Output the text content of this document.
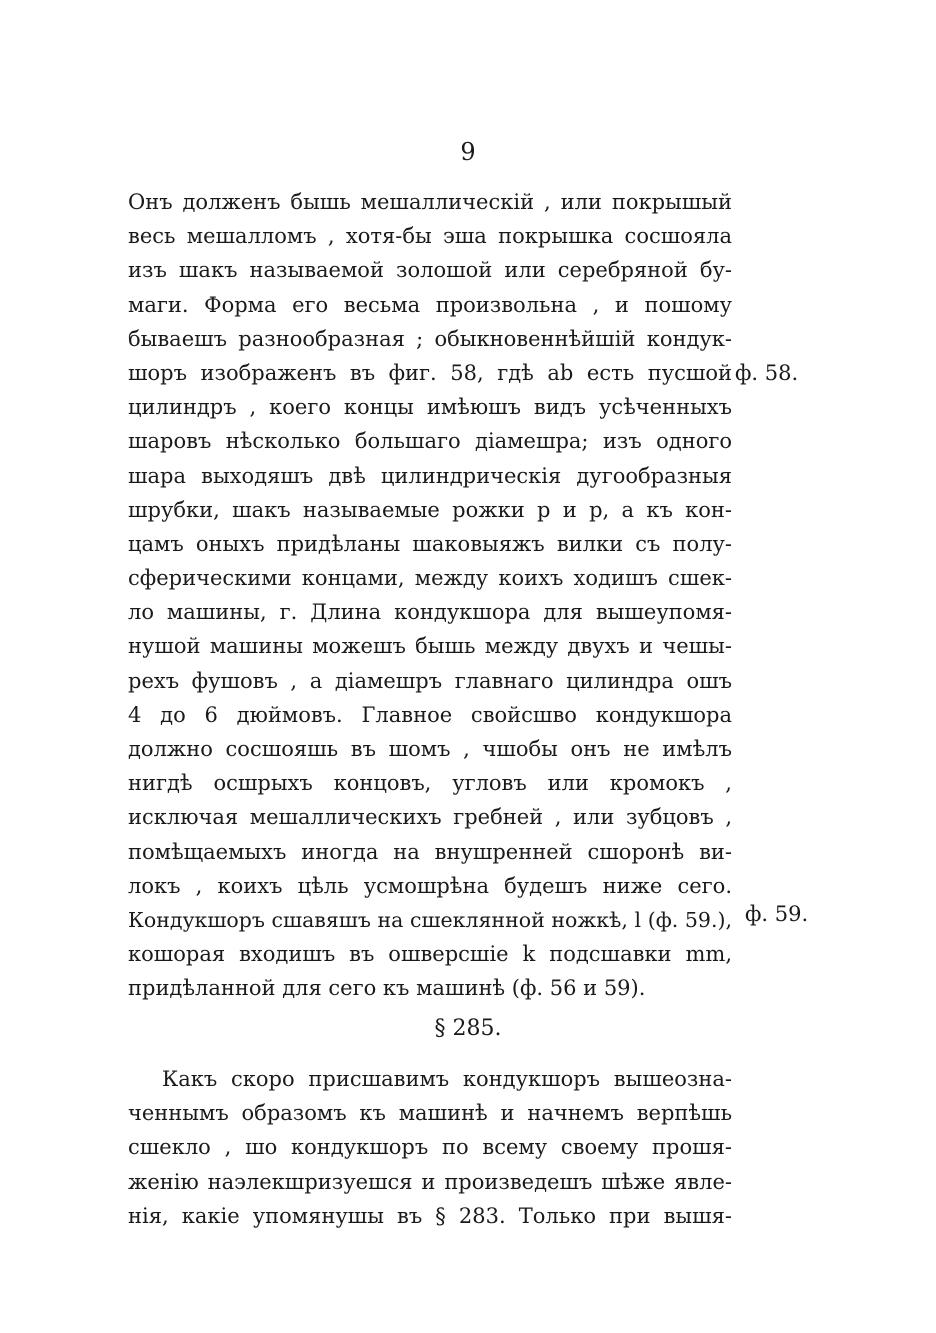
9
Онъ долженъ бышь мешаллическій , или покрышый
весь мешалломъ , хотя-бы эша покрышка сосшояла
изъ шакъ называемой золошой или серебряной бу-
маги. Форма его весьма произвольна , и пошому
бываешъ разнообразная ; обыкновеннѣйшій кондук-
шоръ изображенъ въ фиг. 58, гдѣ аb есть пусшой
цилиндръ , коего концы имѣюшъ видъ усѣченныхъ
шаровъ нѣсколько большаго діамешра; изъ одного
шара выходяшъ двѣ цилиндрическія дугообразныя
шрубки, шакъ называемые рожки р и р, а къ кон-
цамъ оныхъ придѣланы шаковыяжъ вилки съ полу-
сферическими концами, между коихъ ходишъ сшек-
ло машины, г. Длина кондукшора для вышеупомя-
нушой машины можешъ бышь между двухъ и чешы-
рехъ фушовъ , а діамешръ главнаго цилиндра ошъ
4 до 6 дюймовъ. Главное свойсшво кондукшора
должно сосшояшь въ шомъ , чшобы онъ не имѣлъ
нигдѣ осшрыхъ концовъ, угловъ или кромокъ ,
исключая мешаллическихъ гребней , или зубцовъ ,
помѣщаемыхъ иногда на внушренней сшоронѣ ви-
локъ , коихъ цѣль усмошрѣна будешъ ниже сего.
Кондукшоръ сшавяшъ на сшеклянной ножкѣ, l (ф. 59.),
кошорая входишъ въ ошверсшіе k подсшавки mm,
придѣланной для сего къ машинѣ (ф. 56 и 59).
ф. 58.
ф. 59.
§ 285.
Какъ скоро присшавимъ кондукшоръ вышеозна-
ченнымъ образомъ къ машинѣ и начнемъ верпѣшь
сшекло , шо кондукшоръ по всему своему прошя-
женію наэлекшризуешся и произведешъ шѣже явле-
нія, какіе упомянушы въ § 283. Только при вышя-
